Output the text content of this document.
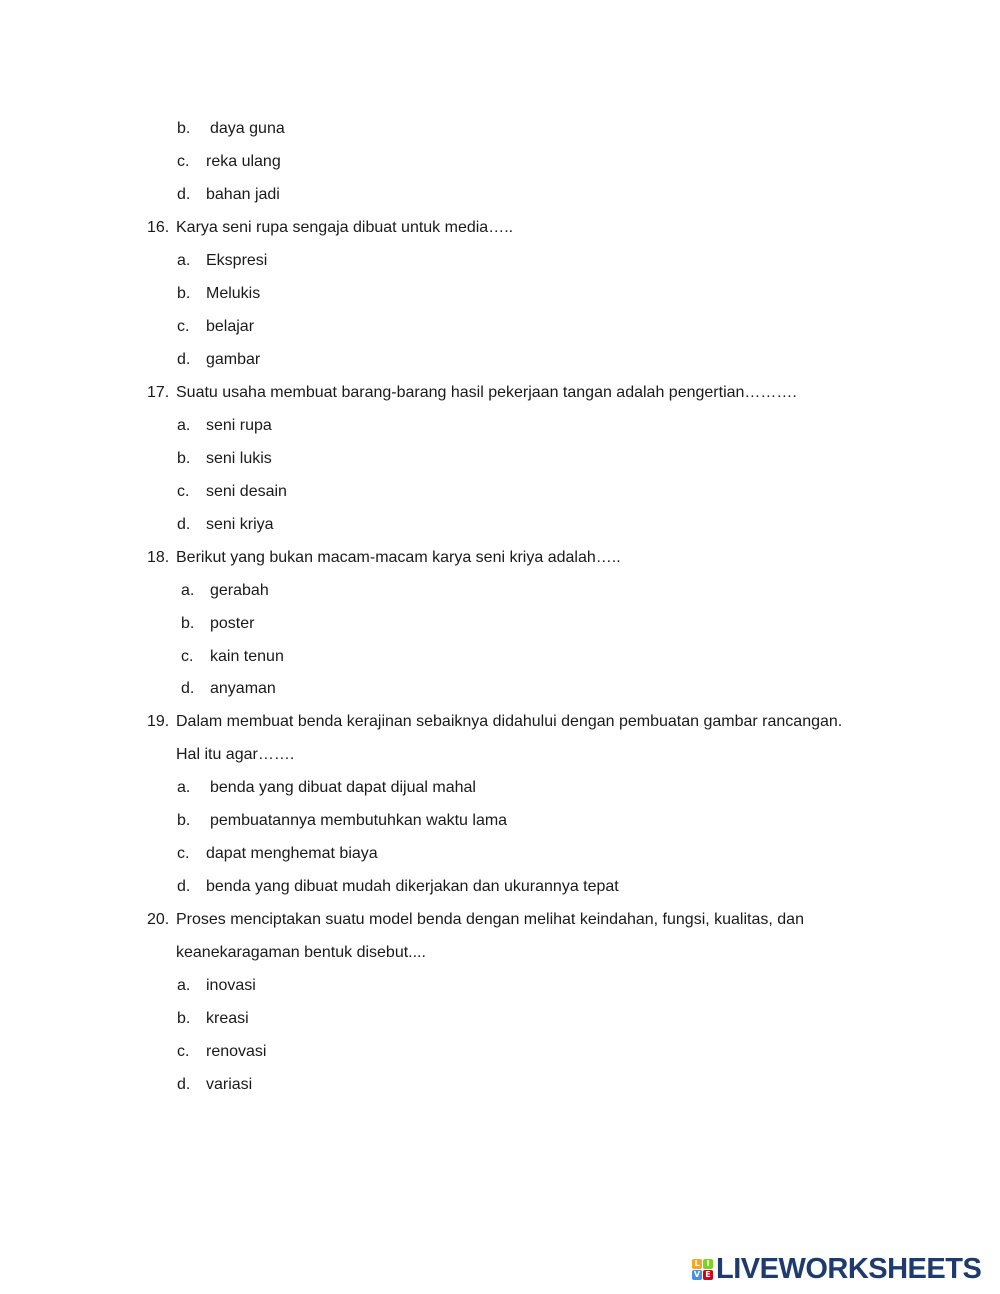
b. daya guna
c. reka ulang
d. bahan jadi
16. Karya seni rupa sengaja dibuat untuk media…..
a. Ekspresi
b. Melukis
c. belajar
d. gambar
17. Suatu usaha membuat barang-barang hasil pekerjaan tangan adalah pengertian……….
a. seni rupa
b. seni lukis
c. seni desain
d. seni kriya
18. Berikut yang bukan macam-macam karya seni kriya adalah…..
a. gerabah
b. poster
c. kain tenun
d. anyaman
19. Dalam membuat benda kerajinan sebaiknya didahului dengan pembuatan gambar rancangan.
Hal itu agar…….
a. benda yang dibuat dapat dijual mahal
b. pembuatannya membutuhkan waktu lama
c. dapat menghemat biaya
d. benda yang dibuat mudah dikerjakan dan ukurannya tepat
20. Proses menciptakan suatu model benda dengan melihat keindahan, fungsi, kualitas, dan
keanekaragaman bentuk disebut....
a. inovasi
b. kreasi
c. renovasi
d. variasi
L I
V E LIVEWORKSHEETS
